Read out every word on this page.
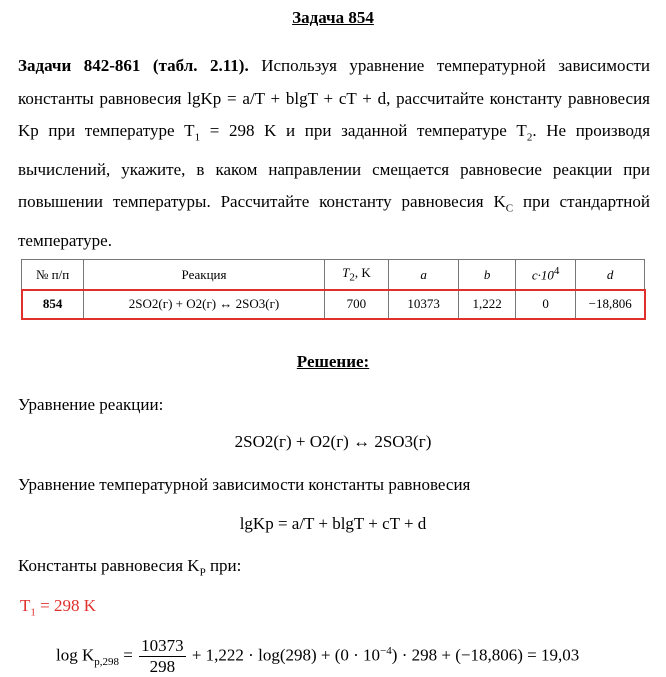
Задача 854
Задачи 842-861 (табл. 2.11). Используя уравнение температурной зависимости константы равновесия lgKp = a/T + blgT + cT + d, рассчитайте константу равновесия Kp при температуре $T_1 = 298$ K и при заданной температуре $T_2$. Не производя вычислений, укажите, в каком направлении смещается равновесие реакции при повышении температуры. Рассчитайте константу равновесия $K_C$ при стандартной температуре.
№ п/п	Реакция	$T_2$, K	a	b	$c\cdot 10^4$	d
854	2SO2(г) + O2(г) ↔ 2SO3(г)	700	10373	1,222	0	−18,806
Решение:
Уравнение реакции:
2SO2(г) + O2(г) ↔ 2SO3(г)
Уравнение температурной зависимости константы равновесия
lgKp = a/T + blgT + cT + d
Константы равновесия $K_P$ при:
$T_1 = 298$ K
$\log K_{p,298} = \frac{10373}{298} + 1,222 \cdot \log(298) + (0 \cdot 10^{-4}) \cdot 298 + (-18,806) = 19,03$
